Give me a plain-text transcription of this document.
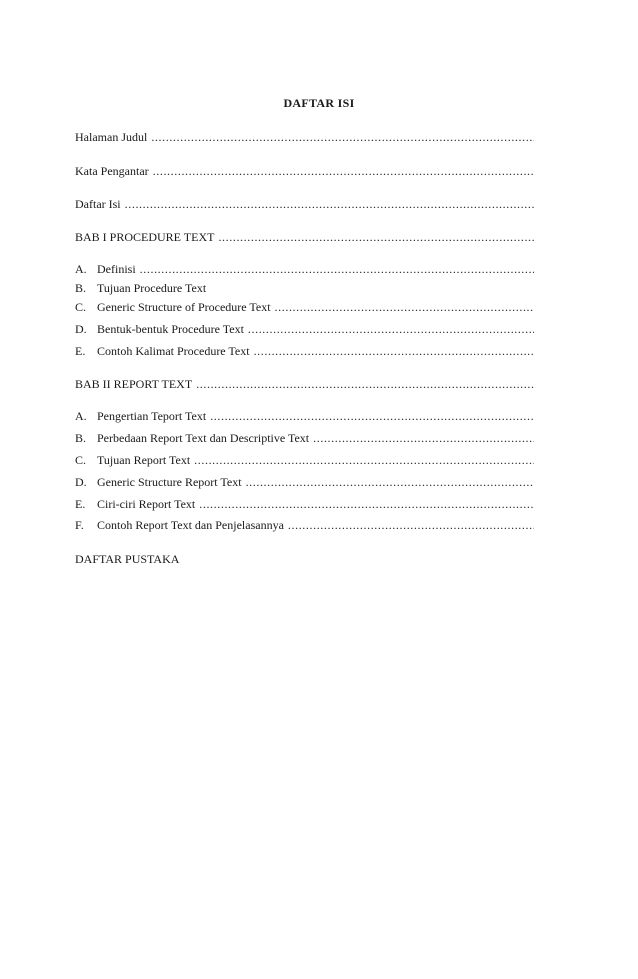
DAFTAR ISI
Halaman Judul
.....
Kata Pengantar
.....
Daftar Isi
.....
BAB I PROCEDURE TEXT
.....
A. Definisi
.....
B. Tujuan Procedure Text
C. Generic Structure of Procedure Text
.....
D. Bentuk-bentuk Procedure Text
.....
E. Contoh Kalimat Procedure Text
.....
BAB II REPORT TEXT
.....
A. Pengertian Teport Text
.....
B. Perbedaan Report Text dan Descriptive Text
.....
C. Tujuan Report Text
.....
D. Generic Structure Report Text
.....
E. Ciri-ciri Report Text
.....
F.	Contoh Report Text dan Penjelasannya
.....
DAFTAR PUSTAKA
